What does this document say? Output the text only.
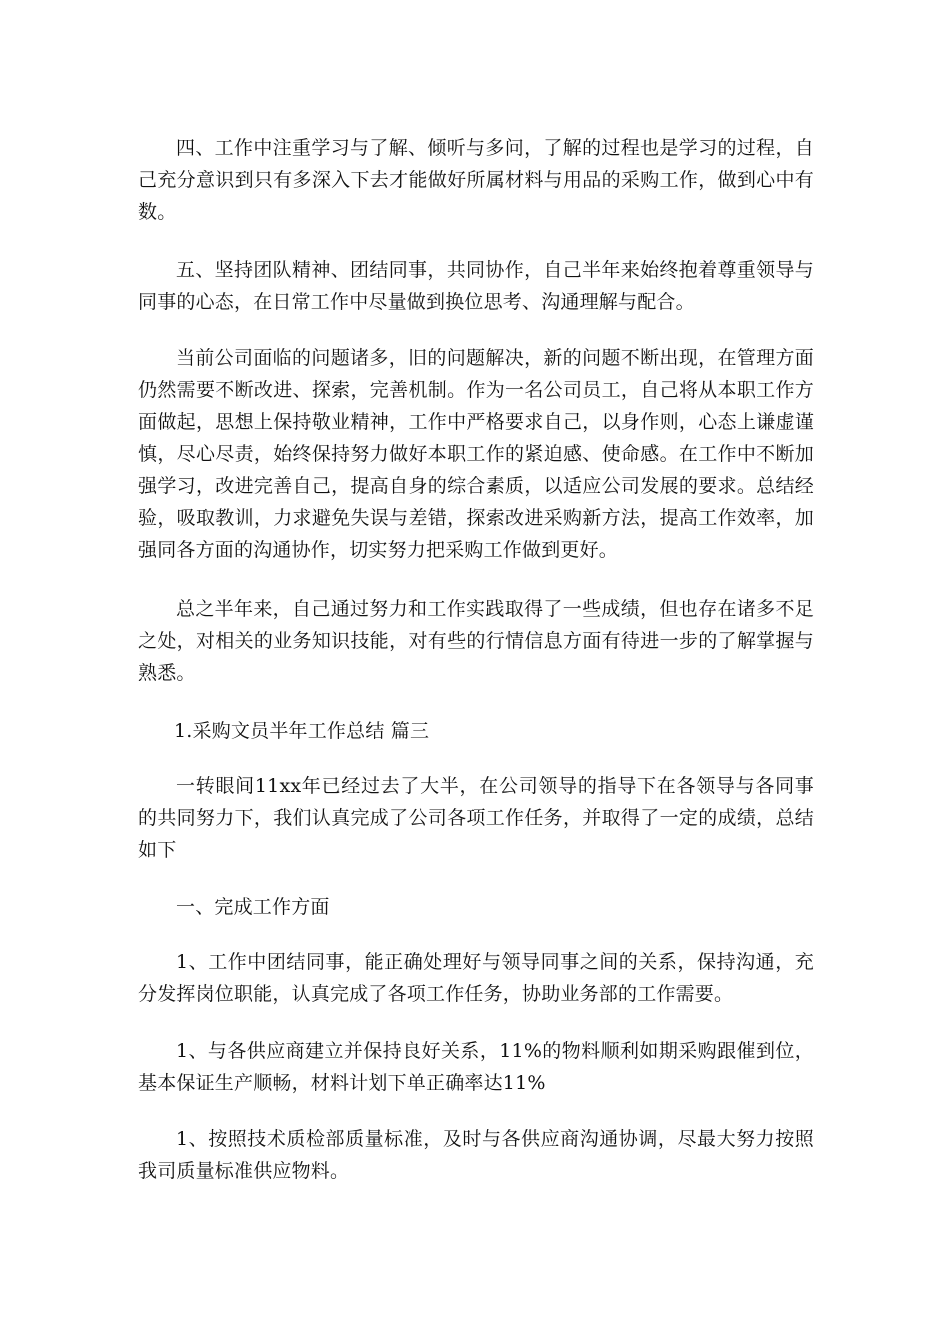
四、工作中注重学习与了解、倾听与多问，了解的过程也是学习的过程，自己充分意识到只有多深入下去才能做好所属材料与用品的采购工作，做到心中有数。

五、坚持团队精神、团结同事，共同协作，自己半年来始终抱着尊重领导与同事的心态，在日常工作中尽量做到换位思考、沟通理解与配合。

当前公司面临的问题诸多，旧的问题解决，新的问题不断出现，在管理方面仍然需要不断改进、探索，完善机制。作为一名公司员工，自己将从本职工作方面做起，思想上保持敬业精神，工作中严格要求自己，以身作则，心态上谦虚谨慎，尽心尽责，始终保持努力做好本职工作的紧迫感、使命感。在工作中不断加强学习，改进完善自己，提高自身的综合素质，以适应公司发展的要求。总结经验，吸取教训，力求避免失误与差错，探索改进采购新方法，提高工作效率，加强同各方面的沟通协作，切实努力把采购工作做到更好。

总之半年来，自己通过努力和工作实践取得了一些成绩，但也存在诸多不足之处，对相关的业务知识技能，对有些的行情信息方面有待进一步的了解掌握与熟悉。

1.采购文员半年工作总结 篇三

一转眼间11xx年已经过去了大半，在公司领导的指导下在各领导与各同事的共同努力下，我们认真完成了公司各项工作任务，并取得了一定的成绩，总结如下

一、完成工作方面

1、工作中团结同事，能正确处理好与领导同事之间的关系，保持沟通，充分发挥岗位职能，认真完成了各项工作任务，协助业务部的工作需要。

1、与各供应商建立并保持良好关系，11%的物料顺利如期采购跟催到位，基本保证生产顺畅，材料计划下单正确率达11%

1、按照技术质检部质量标准，及时与各供应商沟通协调，尽最大努力按照我司质量标准供应物料。
